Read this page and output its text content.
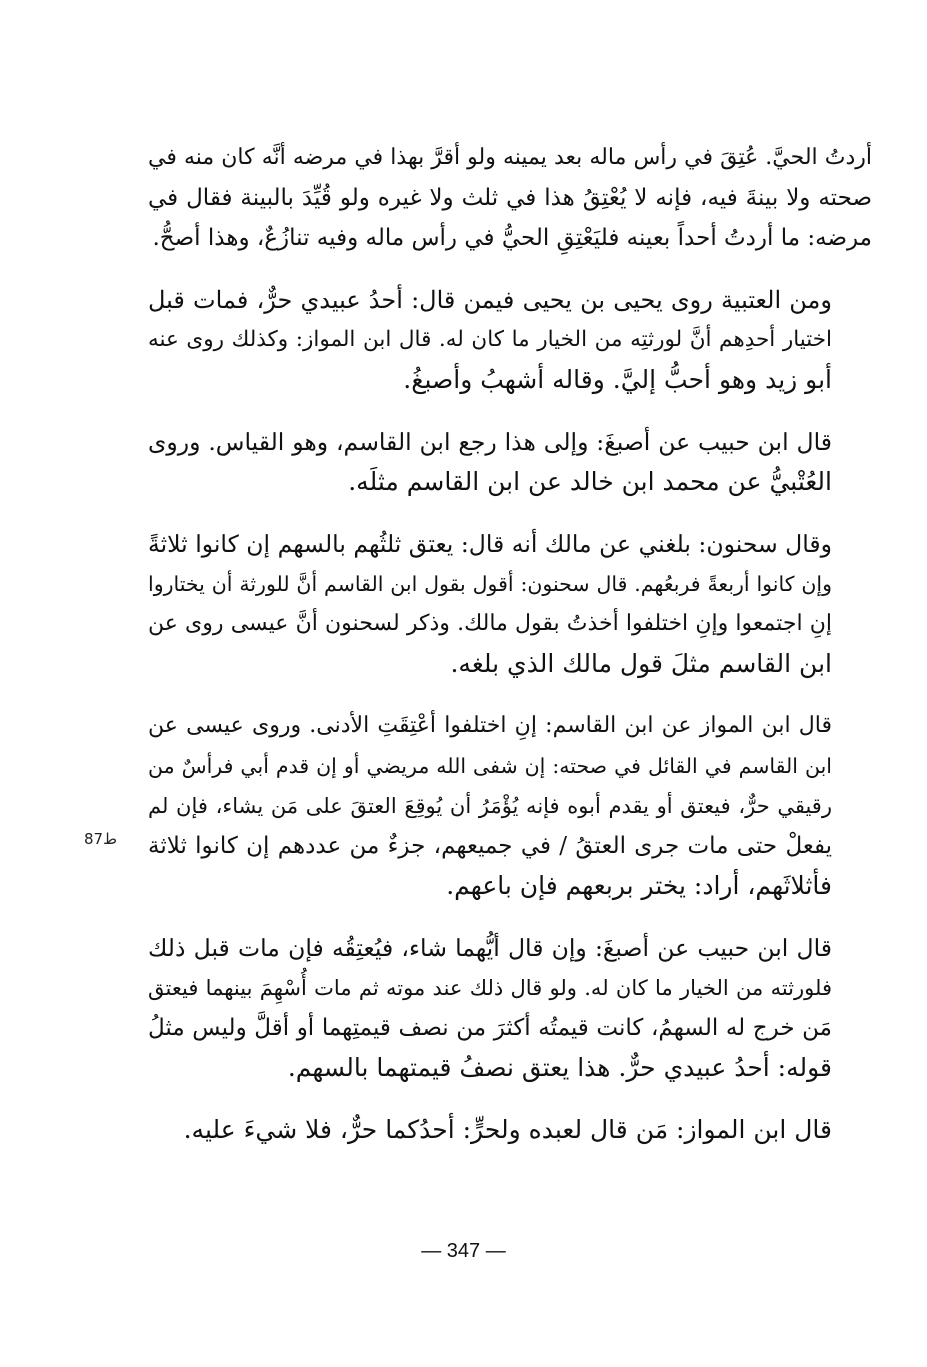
أردتُ الحيَّ. عُتِقَ في رأس ماله بعد يمينه ولو أقرَّ بهذا في مرضه أنَّه كان منه في
صحته ولا بينةَ فيه، فإنه لا يُعْتِقُ هذا في ثلث ولا غيره ولو قُيِّدَ بالبينة فقال في
مرضه: ما أردتُ أحداً بعينه فليَعْتِقِ الحيُّ في رأس ماله وفيه تنازُعٌ، وهذا أصحُّ.

ومن العتبية روى يحيى بن يحيى فيمن قال: أحدُ عبيدي حرٌّ، فمات قبل
اختيار أحدِهم أنَّ لورثتِه من الخيار ما كان له. قال ابن المواز: وكذلك روى عنه
أبو زيد وهو أحبُّ إليَّ. وقاله أشهبُ وأصبغُ.

قال ابن حبيب عن أصبغَ: وإلى هذا رجع ابن القاسم، وهو القياس. وروى
العُتْبيُّ عن محمد ابن خالد عن ابن القاسم مثلَه.

وقال سحنون: بلغني عن مالك أنه قال: يعتق ثلثُهم بالسهم إن كانوا ثلاثةً
وإن كانوا أربعةً فربعُهم. قال سحنون: أقول بقول ابن القاسم أنَّ للورثة أن يختاروا
إنِ اجتمعوا وإنِ اختلفوا أخذتُ بقول مالك. وذكر لسحنون أنَّ عيسى روى عن
ابن القاسم مثلَ قول مالك الذي بلغه.

قال ابن المواز عن ابن القاسم: إنِ اختلفوا أعْتِقَتِ الأدنى. وروى عيسى عن
ابن القاسم في القائل في صحته: إن شفى الله مريضي أو إن قدم أبي فرأسٌ من
رقيقي حرٌّ، فيعتق أو يقدم أبوه فإنه يُؤْمَرُ أن يُوقِعَ العتقَ على مَن يشاء، فإن لم
يفعلْ حتى مات جرى العتقُ / في جميعهم، جزءٌ من عددهم إن كانوا ثلاثة
فأثلاثَهم، أراد: يختر بربعهم فإن باعهم.

قال ابن حبيب عن أصبغَ: وإن قال أيُّهما شاء، فيُعتِقُه فإن مات قبل ذلك
فلورثته من الخيار ما كان له. ولو قال ذلك عند موته ثم مات أُسْهِمَ بينهما فيعتق
مَن خرج له السهمُ، كانت قيمتُه أكثرَ من نصف قيمتِهما أو أقلَّ وليس مثلُ
قوله: أحدُ عبيدي حرٌّ. هذا يعتق نصفُ قيمتهما بالسهم.

قال ابن المواز: مَن قال لعبده ولحرٍّ: أحدُكما حرٌّ، فلا شيءَ عليه.

ط87
— 347 —
